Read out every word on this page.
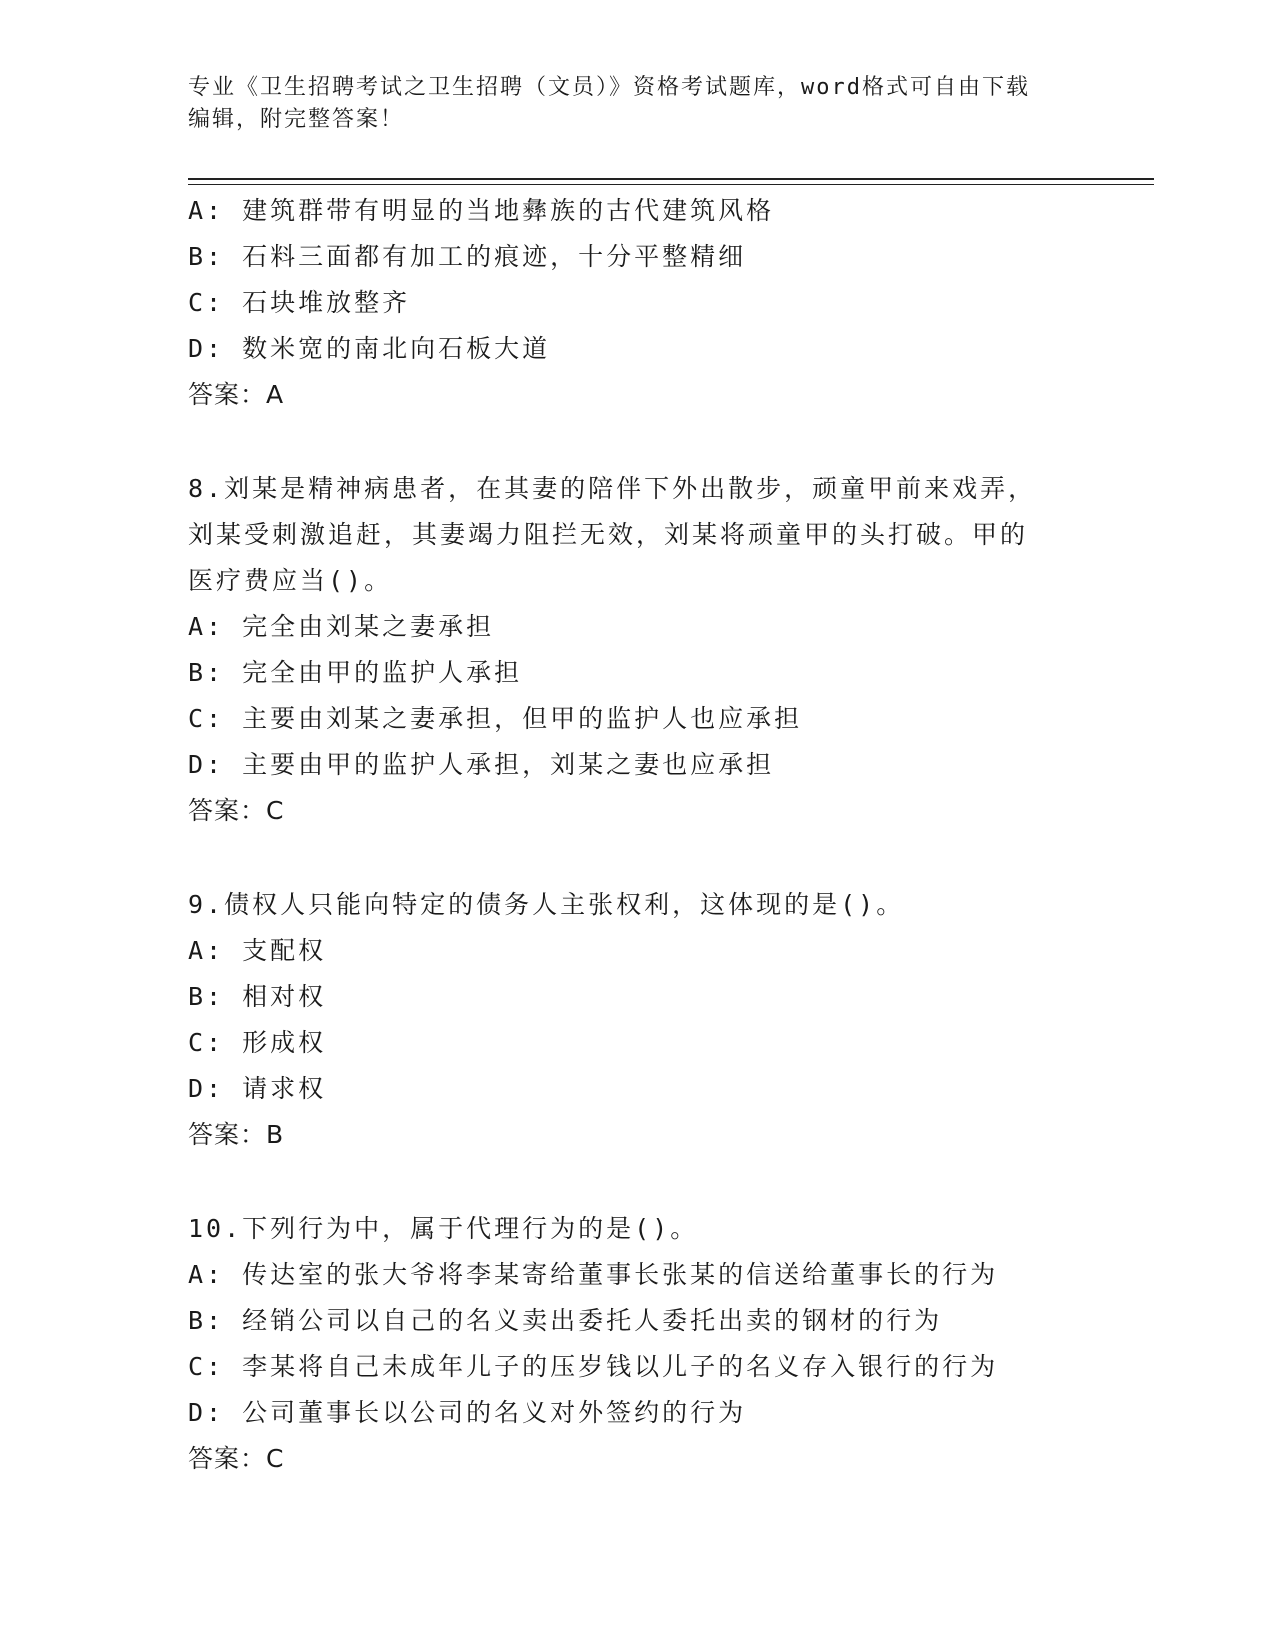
专业《卫生招聘考试之卫生招聘（文员）》资格考试题库，word格式可自由下载
编辑，附完整答案！
A: 建筑群带有明显的当地彝族的古代建筑风格
B: 石料三面都有加工的痕迹，十分平整精细
C: 石块堆放整齐
D: 数米宽的南北向石板大道
答案：A
8.刘某是精神病患者，在其妻的陪伴下外出散步，顽童甲前来戏弄，
刘某受刺激追赶，其妻竭力阻拦无效，刘某将顽童甲的头打破。甲的
医疗费应当()。
A: 完全由刘某之妻承担
B: 完全由甲的监护人承担
C: 主要由刘某之妻承担，但甲的监护人也应承担
D: 主要由甲的监护人承担，刘某之妻也应承担
答案：C
9.债权人只能向特定的债务人主张权利，这体现的是()。
A: 支配权
B: 相对权
C: 形成权
D: 请求权
答案：B
10.下列行为中，属于代理行为的是()。
A: 传达室的张大爷将李某寄给董事长张某的信送给董事长的行为
B: 经销公司以自己的名义卖出委托人委托出卖的钢材的行为
C: 李某将自己未成年儿子的压岁钱以儿子的名义存入银行的行为
D: 公司董事长以公司的名义对外签约的行为
答案：C
